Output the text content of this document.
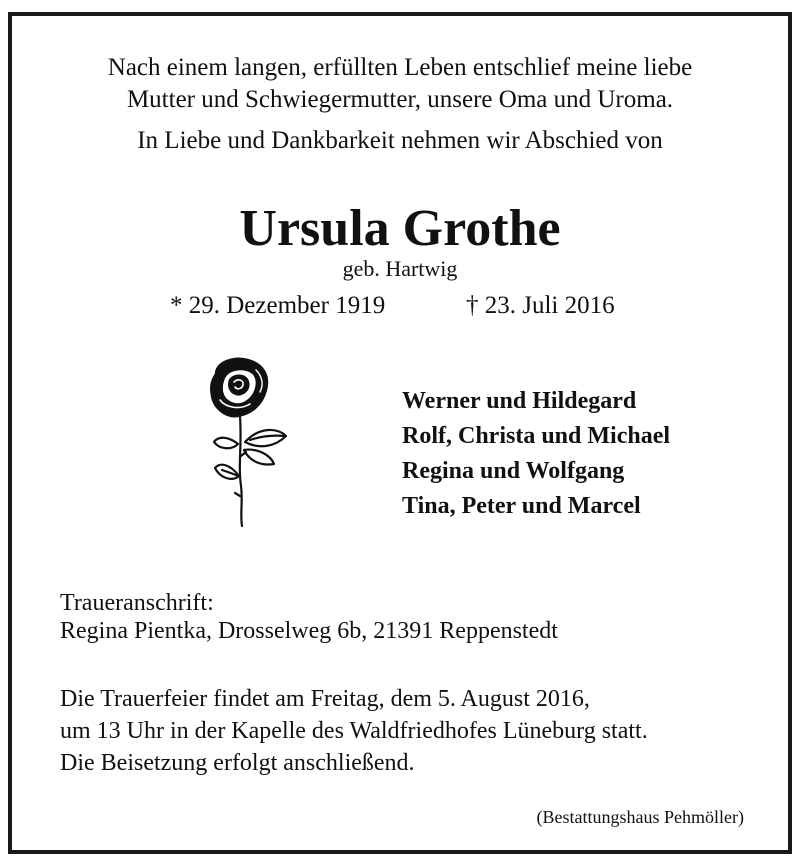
Nach einem langen, erfüllten Leben entschlief meine liebe
Mutter und Schwiegermutter, unsere Oma und Uroma.
In Liebe und Dankbarkeit nehmen wir Abschied von
Ursula Grothe
geb. Hartwig
* 29. Dezember 1919	† 23. Juli 2016
Werner und Hildegard
Rolf, Christa und Michael
Regina und Wolfgang
Tina, Peter und Marcel
Traueranschrift:
Regina Pientka, Drosselweg 6b, 21391 Reppenstedt
Die Trauerfeier findet am Freitag, dem 5. August 2016,
um 13 Uhr in der Kapelle des Waldfriedhofes Lüneburg statt.
Die Beisetzung erfolgt anschließend.
(Bestattungshaus Pehmöller)
